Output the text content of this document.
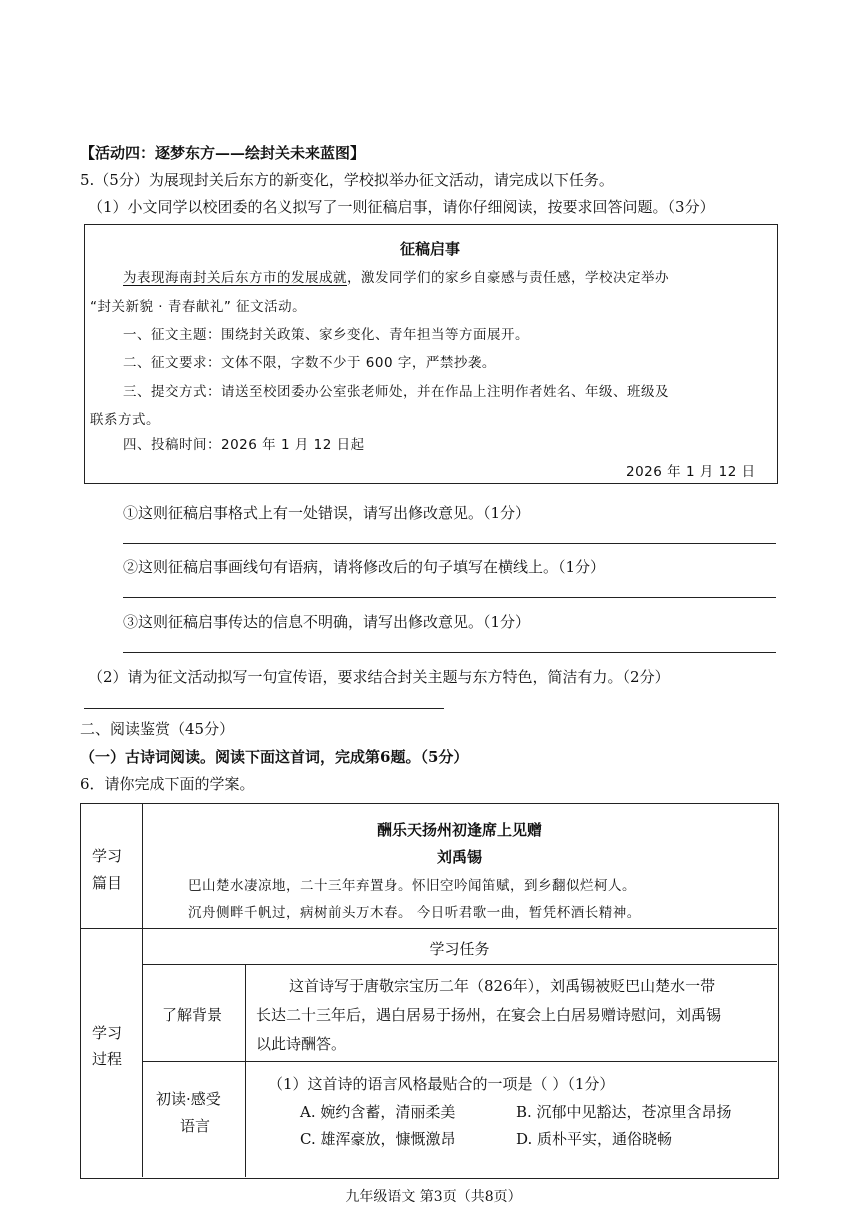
【活动四：逐梦东方——绘封关未来蓝图】
5.（5分）为展现封关后东方的新变化，学校拟举办征文活动，请完成以下任务。
（1）小文同学以校团委的名义拟写了一则征稿启事，请你仔细阅读，按要求回答问题。（3分）
征稿启事
为表现海南封关后东方市的发展成就，激发同学们的家乡自豪感与责任感，学校决定举办
“封关新貌 · 青春献礼” 征文活动。
一、征文主题：围绕封关政策、家乡变化、青年担当等方面展开。
二、征文要求：文体不限，字数不少于 600 字，严禁抄袭。
三、提交方式：请送至校团委办公室张老师处，并在作品上注明作者姓名、年级、班级及
联系方式。
四、投稿时间：2026 年 1 月 12 日起
2026 年 1 月 12 日
①这则征稿启事格式上有一处错误，请写出修改意见。（1分）
②这则征稿启事画线句有语病，请将修改后的句子填写在横线上。（1分）
③这则征稿启事传达的信息不明确，请写出修改意见。（1分）
（2）请为征文活动拟写一句宣传语，要求结合封关主题与东方特色，简洁有力。（2分）
二、阅读鉴赏（45分）
（一）古诗词阅读。阅读下面这首词，完成第6题。（5分）
6．请你完成下面的学案。
学习
篇目
酬乐天扬州初逢席上见赠
刘禹锡
巴山楚水凄凉地，二十三年弃置身。怀旧空吟闻笛赋，到乡翻似烂柯人。
沉舟侧畔千帆过，病树前头万木春。 今日听君歌一曲，暂凭杯酒长精神。
学习
过程
学习任务
了解背景
这首诗写于唐敬宗宝历二年（826年），刘禹锡被贬巴山楚水一带
长达二十三年后，遇白居易于扬州，在宴会上白居易赠诗慰问，刘禹锡
以此诗酬答。
初读·感受
语言
（1）这首诗的语言风格最贴合的一项是（ ）（1分）
A. 婉约含蓄，清丽柔美	B. 沉郁中见豁达，苍凉里含昂扬
C. 雄浑豪放，慷慨激昂	D. 质朴平实，通俗晓畅
九年级语文 第3页（共8页）
